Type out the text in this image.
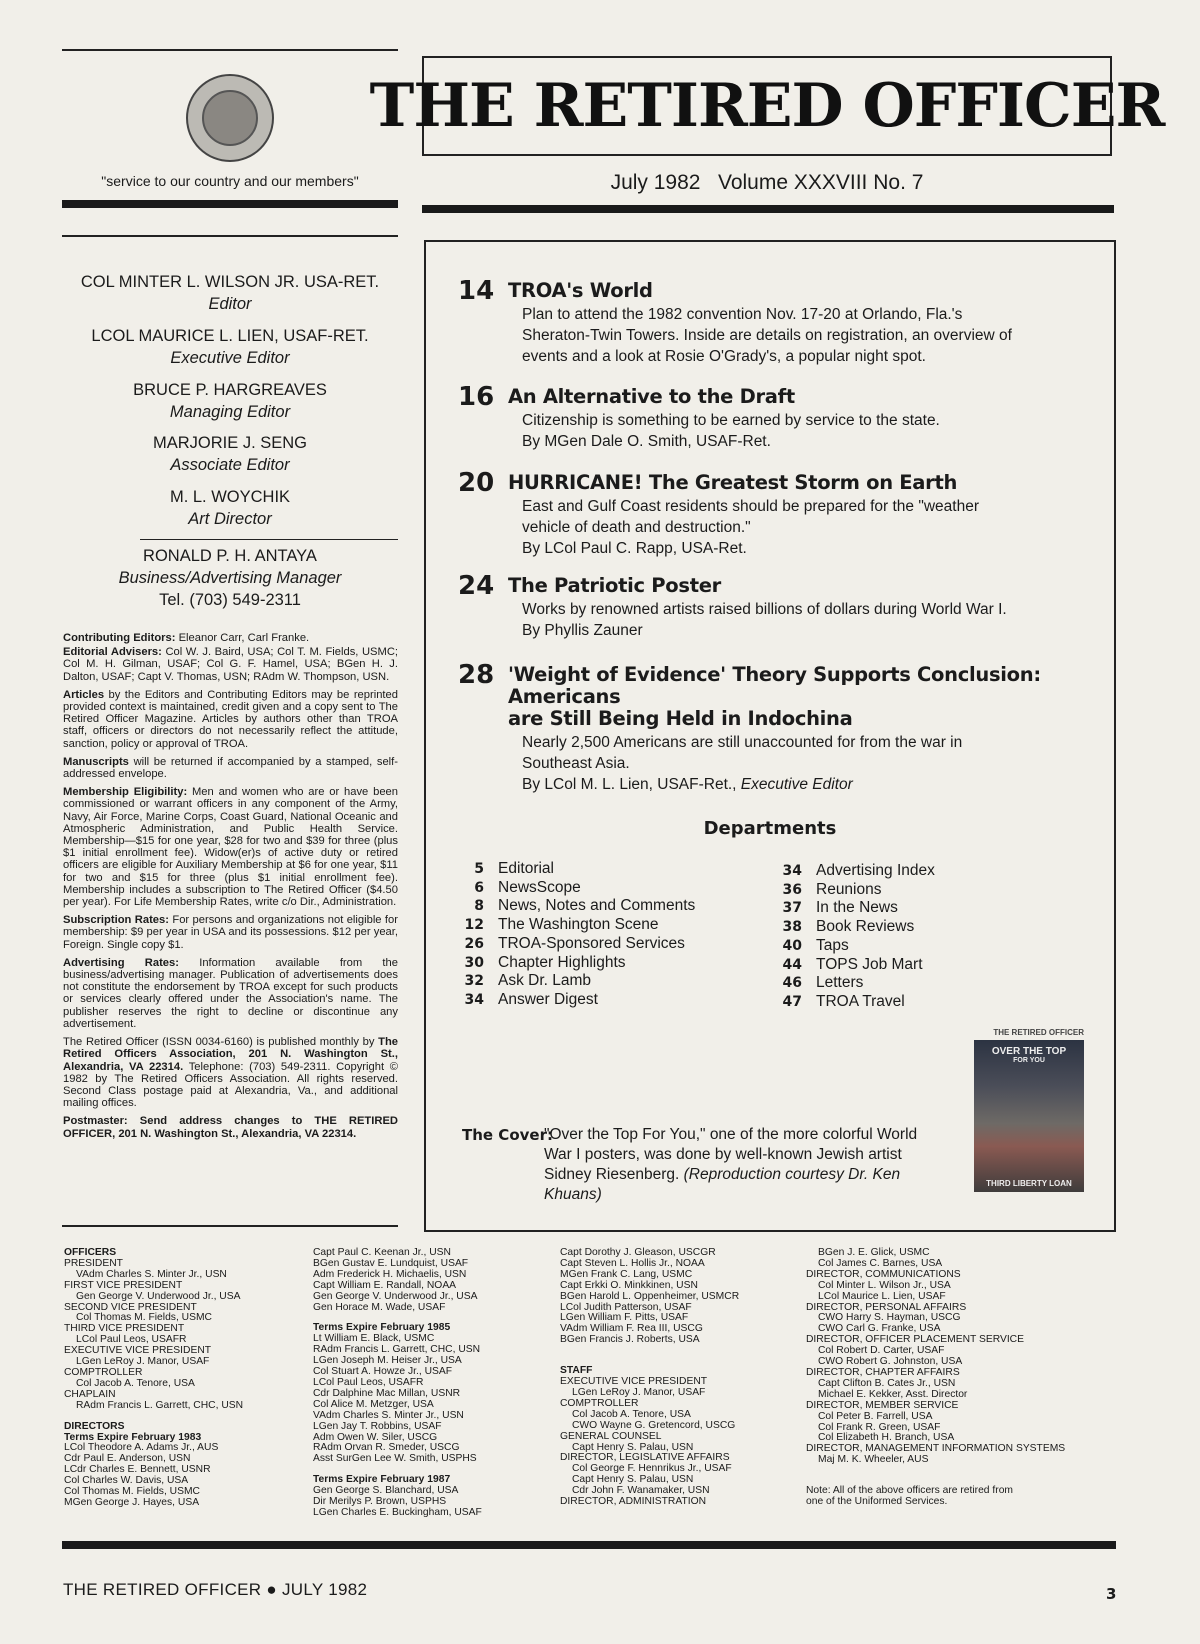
"service to our country and our members"
THE RETIRED OFFICER
July 1982   Volume XXXVIII No. 7
COL MINTER L. WILSON JR. USA-RET.
Editor
LCOL MAURICE L. LIEN, USAF-RET.
Executive Editor
BRUCE P. HARGREAVES
Managing Editor
MARJORIE J. SENG
Associate Editor
M. L. WOYCHIK
Art Director
RONALD P. H. ANTAYA
Business/Advertising Manager
Tel. (703) 549-2311

Contributing Editors: Eleanor Carr, Carl Franke.

Editorial Advisers: Col W. J. Baird, USA; Col T. M. Fields, USMC; Col M. H. Gilman, USAF; Col G. F. Hamel, USA; BGen H. J. Dalton, USAF; Capt V. Thomas, USN; RAdm W. Thompson, USN.

Articles by the Editors and Contributing Editors may be reprinted provided context is maintained, credit given and a copy sent to The Retired Officer Magazine. Articles by authors other than TROA staff, officers or directors do not necessarily reflect the attitude, sanction, policy or approval of TROA.

Manuscripts will be returned if accompanied by a stamped, self-addressed envelope.

Membership Eligibility: Men and women who are or have been commissioned or warrant officers in any component of the Army, Navy, Air Force, Marine Corps, Coast Guard, National Oceanic and Atmospheric Administration, and Public Health Service. Membership—$15 for one year, $28 for two and $39 for three (plus $1 initial enrollment fee). Widow(er)s of active duty or retired officers are eligible for Auxiliary Membership at $6 for one year, $11 for two and $15 for three (plus $1 initial enrollment fee). Membership includes a subscription to The Retired Officer ($4.50 per year). For Life Membership Rates, write c/o Dir., Administration.

Subscription Rates: For persons and organizations not eligible for membership: $9 per year in USA and its possessions. $12 per year, Foreign. Single copy $1.

Advertising Rates: Information available from the business/advertising manager. Publication of advertisements does not constitute the endorsement by TROA except for such products or services clearly offered under the Association's name. The publisher reserves the right to decline or discontinue any advertisement.

The Retired Officer (ISSN 0034-6160) is published monthly by The Retired Officers Association, 201 N. Washington St., Alexandria, VA 22314. Telephone: (703) 549-2311. Copyright © 1982 by The Retired Officers Association. All rights reserved. Second Class postage paid at Alexandria, Va., and additional mailing offices.

Postmaster: Send address changes to THE RETIRED OFFICER, 201 N. Washington St., Alexandria, VA 22314.

14 TROA's World
Plan to attend the 1982 convention Nov. 17-20 at Orlando, Fla.'s
Sheraton-Twin Towers. Inside are details on registration, an overview of
events and a look at Rosie O'Grady's, a popular night spot.
16 An Alternative to the Draft
Citizenship is something to be earned by service to the state.
By MGen Dale O. Smith, USAF-Ret.
20 HURRICANE! The Greatest Storm on Earth
East and Gulf Coast residents should be prepared for the "weather
vehicle of death and destruction."
By LCol Paul C. Rapp, USA-Ret.
24 The Patriotic Poster
Works by renowned artists raised billions of dollars during World War I.
By Phyllis Zauner
28 'Weight of Evidence' Theory Supports Conclusion: Americans
are Still Being Held in Indochina
Nearly 2,500 Americans are still unaccounted for from the war in
Southeast Asia.
By LCol M. L. Lien, USAF-Ret., Executive Editor
Departments
5 Editorial
6 NewsScope
8 News, Notes and Comments
12 The Washington Scene
26 TROA-Sponsored Services
30 Chapter Highlights
32 Ask Dr. Lamb
34 Answer Digest
34 Advertising Index
36 Reunions
37 In the News
38 Book Reviews
40 Taps
44 TOPS Job Mart
46 Letters
47 TROA Travel
THE RETIRED OFFICER
OVER THE TOP
FOR YOU
THIRD LIBERTY LOAN
The Cover:
"Over the Top For You," one of the more colorful World War I posters, was done by well-known Jewish artist Sidney Riesenberg. (Reproduction courtesy Dr. Ken Khuans)
OFFICERS
PRESIDENT
VAdm Charles S. Minter Jr., USN
FIRST VICE PRESIDENT
Gen George V. Underwood Jr., USA
SECOND VICE PRESIDENT
Col Thomas M. Fields, USMC
THIRD VICE PRESIDENT
LCol Paul Leos, USAFR
EXECUTIVE VICE PRESIDENT
LGen LeRoy J. Manor, USAF
COMPTROLLER
Col Jacob A. Tenore, USA
CHAPLAIN
RAdm Francis L. Garrett, CHC, USN
DIRECTORS
Terms Expire February 1983
LCol Theodore A. Adams Jr., AUS
Cdr Paul E. Anderson, USN
LCdr Charles E. Bennett, USNR
Col Charles W. Davis, USA
Col Thomas M. Fields, USMC
MGen George J. Hayes, USA
Capt Paul C. Keenan Jr., USN
BGen Gustav E. Lundquist, USAF
Adm Frederick H. Michaelis, USN
Capt William E. Randall, NOAA
Gen George V. Underwood Jr., USA
Gen Horace M. Wade, USAF
Terms Expire February 1985
Lt William E. Black, USMC
RAdm Francis L. Garrett, CHC, USN
LGen Joseph M. Heiser Jr., USA
Col Stuart A. Howze Jr., USAF
LCol Paul Leos, USAFR
Cdr Dalphine Mac Millan, USNR
Col Alice M. Metzger, USA
VAdm Charles S. Minter Jr., USN
LGen Jay T. Robbins, USAF
Adm Owen W. Siler, USCG
RAdm Orvan R. Smeder, USCG
Asst SurGen Lee W. Smith, USPHS
Terms Expire February 1987
Gen George S. Blanchard, USA
Dir Merilys P. Brown, USPHS
LGen Charles E. Buckingham, USAF
Capt Dorothy J. Gleason, USCGR
Capt Steven L. Hollis Jr., NOAA
MGen Frank C. Lang, USMC
Capt Erkki O. Minkkinen, USN
BGen Harold L. Oppenheimer, USMCR
LCol Judith Patterson, USAF
LGen William F. Pitts, USAF
VAdm William F. Rea III, USCG
BGen Francis J. Roberts, USA
STAFF
EXECUTIVE VICE PRESIDENT
LGen LeRoy J. Manor, USAF
COMPTROLLER
Col Jacob A. Tenore, USA
CWO Wayne G. Gretencord, USCG
GENERAL COUNSEL
Capt Henry S. Palau, USN
DIRECTOR, LEGISLATIVE AFFAIRS
Col George F. Hennrikus Jr., USAF
Capt Henry S. Palau, USN
Cdr John F. Wanamaker, USN
DIRECTOR, ADMINISTRATION
BGen J. E. Glick, USMC
Col James C. Barnes, USA
DIRECTOR, COMMUNICATIONS
Col Minter L. Wilson Jr., USA
LCol Maurice L. Lien, USAF
DIRECTOR, PERSONAL AFFAIRS
CWO Harry S. Hayman, USCG
CWO Carl G. Franke, USA
DIRECTOR, OFFICER PLACEMENT SERVICE
Col Robert D. Carter, USAF
CWO Robert G. Johnston, USA
DIRECTOR, CHAPTER AFFAIRS
Capt Clifton B. Cates Jr., USN
Michael E. Kekker, Asst. Director
DIRECTOR, MEMBER SERVICE
Col Peter B. Farrell, USA
Col Frank R. Green, USAF
Col Elizabeth H. Branch, USA
DIRECTOR, MANAGEMENT INFORMATION SYSTEMS
Maj M. K. Wheeler, AUS
Note: All of the above officers are retired from
one of the Uniformed Services.
THE RETIRED OFFICER ● JULY 1982	3
